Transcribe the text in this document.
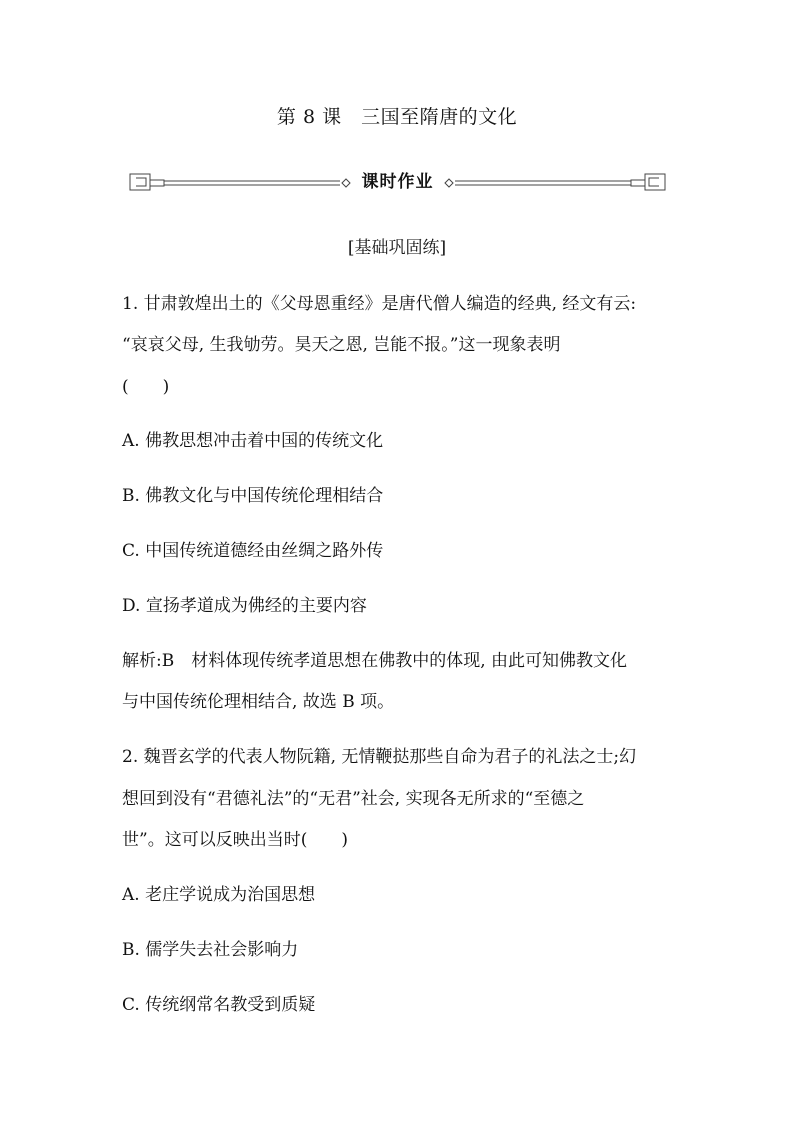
第 8 课　三国至隋唐的文化
课时作业
[基础巩固练]
1. 甘肃敦煌出土的《父母恩重经》是唐代僧人编造的经典, 经文有云:
“哀哀父母, 生我劬劳。昊天之恩, 岂能不报。”这一现象表明
(　　)
A. 佛教思想冲击着中国的传统文化
B. 佛教文化与中国传统伦理相结合
C. 中国传统道德经由丝绸之路外传
D. 宣扬孝道成为佛经的主要内容
解析:B　材料体现传统孝道思想在佛教中的体现, 由此可知佛教文化
与中国传统伦理相结合, 故选 B 项。
2. 魏晋玄学的代表人物阮籍, 无情鞭挞那些自命为君子的礼法之士;幻
想回到没有“君德礼法”的“无君”社会, 实现各无所求的“至德之
世”。这可以反映出当时(　　)
A. 老庄学说成为治国思想
B. 儒学失去社会影响力
C. 传统纲常名教受到质疑
